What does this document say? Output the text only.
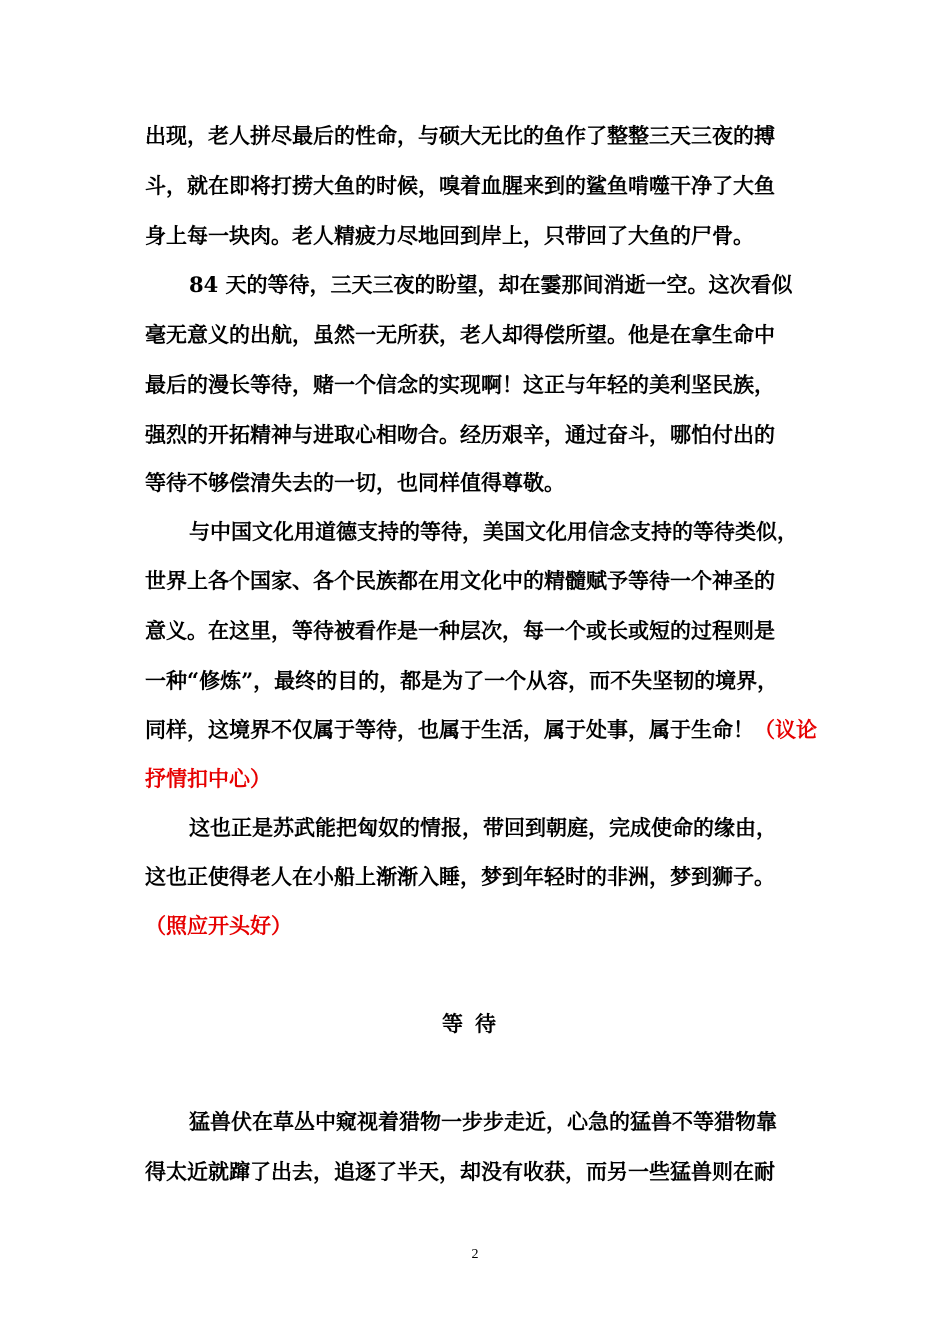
出现，老人拼尽最后的性命，与硕大无比的鱼作了整整三天三夜的搏
斗，就在即将打捞大鱼的时候，嗅着血腥来到的鲨鱼啃噬干净了大鱼
身上每一块肉。老人精疲力尽地回到岸上，只带回了大鱼的尸骨。
84 天的等待，三天三夜的盼望，却在霎那间消逝一空。这次看似
毫无意义的出航，虽然一无所获，老人却得偿所望。他是在拿生命中
最后的漫长等待，赌一个信念的实现啊！这正与年轻的美利坚民族，
强烈的开拓精神与进取心相吻合。经历艰辛，通过奋斗，哪怕付出的
等待不够偿清失去的一切，也同样值得尊敬。
与中国文化用道德支持的等待，美国文化用信念支持的等待类似，
世界上各个国家、各个民族都在用文化中的精髓赋予等待一个神圣的
意义。在这里，等待被看作是一种层次，每一个或长或短的过程则是
一种“修炼”，最终的目的，都是为了一个从容，而不失坚韧的境界，
同样，这境界不仅属于等待，也属于生活，属于处事，属于生命！（议论
抒情扣中心）
这也正是苏武能把匈奴的情报，带回到朝庭，完成使命的缘由，
这也正使得老人在小船上渐渐入睡，梦到年轻时的非洲，梦到狮子。
（照应开头好）
等待
猛兽伏在草丛中窥视着猎物一步步走近，心急的猛兽不等猎物靠
得太近就蹿了出去，追逐了半天，却没有收获，而另一些猛兽则在耐
2
